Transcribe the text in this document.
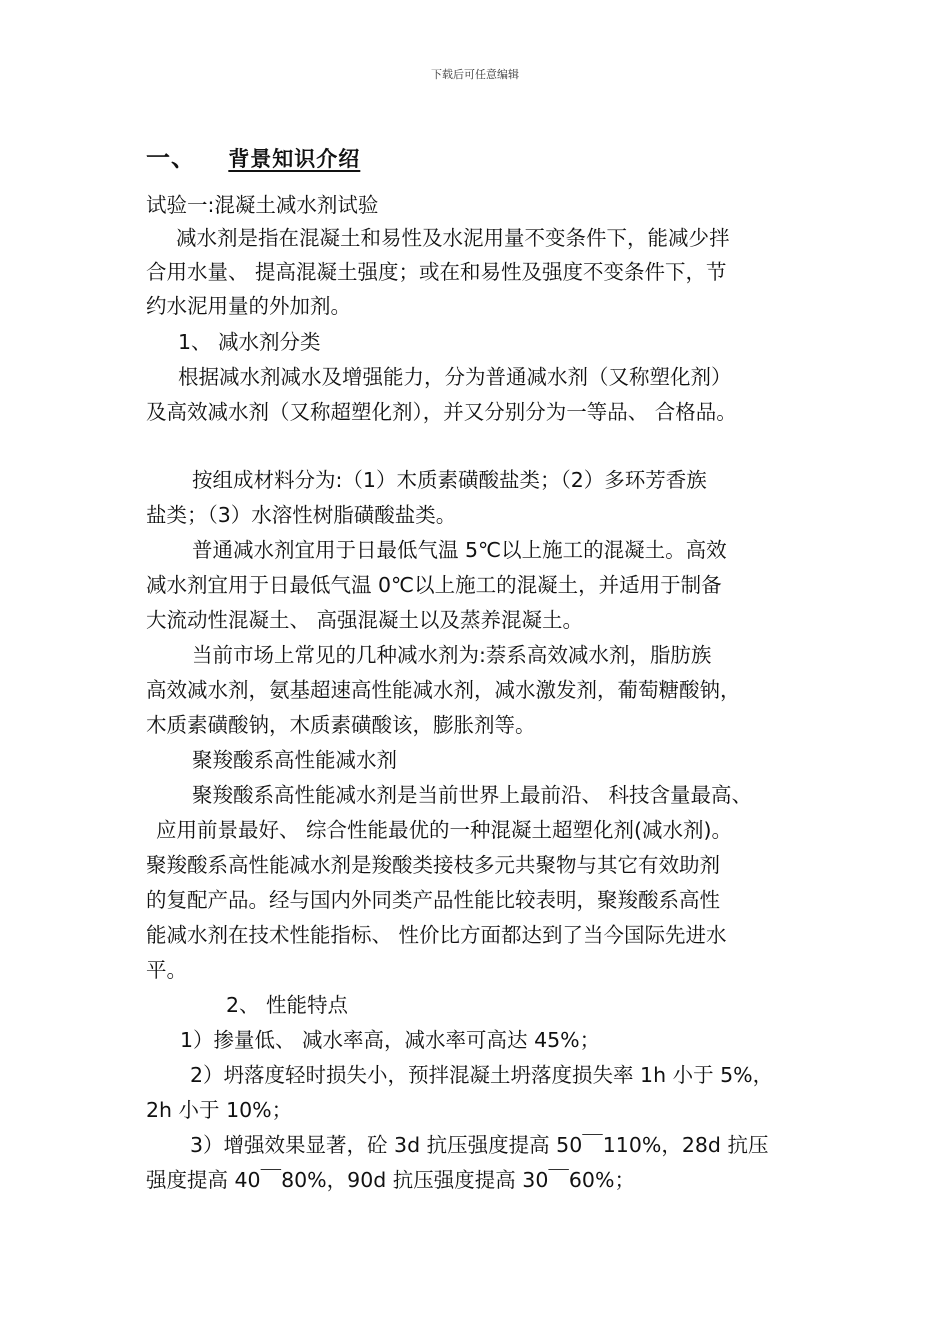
下载后可任意编辑
一、 背景知识介绍
试验一:混凝土减水剂试验
减水剂是指在混凝土和易性及水泥用量不变条件下，能减少拌
合用水量、 提高混凝土强度；或在和易性及强度不变条件下，节
约水泥用量的外加剂。
1、 减水剂分类
根据减水剂减水及增强能力，分为普通减水剂（又称塑化剂）
及高效减水剂（又称超塑化剂），并又分别分为一等品、 合格品。
按组成材料分为:（1）木质素磺酸盐类；（2）多环芳香族
盐类；（3）水溶性树脂磺酸盐类。
普通减水剂宜用于日最低气温 5℃以上施工的混凝土。高效
减水剂宜用于日最低气温 0℃以上施工的混凝土，并适用于制备
大流动性混凝土、 高强混凝土以及蒸养混凝土。
当前市场上常见的几种减水剂为:萘系高效减水剂，脂肪族
高效减水剂，氨基超速高性能减水剂，减水激发剂，葡萄糖酸钠，
木质素磺酸钠，木质素磺酸该，膨胀剂等。
聚羧酸系高性能减水剂
聚羧酸系高性能减水剂是当前世界上最前沿、 科技含量最高、
应用前景最好、 综合性能最优的一种混凝土超塑化剂(减水剂)。
聚羧酸系高性能减水剂是羧酸类接枝多元共聚物与其它有效助剂
的复配产品。经与国内外同类产品性能比较表明，聚羧酸系高性
能减水剂在技术性能指标、 性价比方面都达到了当今国际先进水
平。
2、 性能特点
1）掺量低、 减水率高，减水率可高达 45%；
2）坍落度轻时损失小，预拌混凝土坍落度损失率 1h 小于 5%，
2h 小于 10%；
3）增强效果显著，砼 3d 抗压强度提高 50￣110%，28d 抗压
强度提高 40￣80%，90d 抗压强度提高 30￣60%；
